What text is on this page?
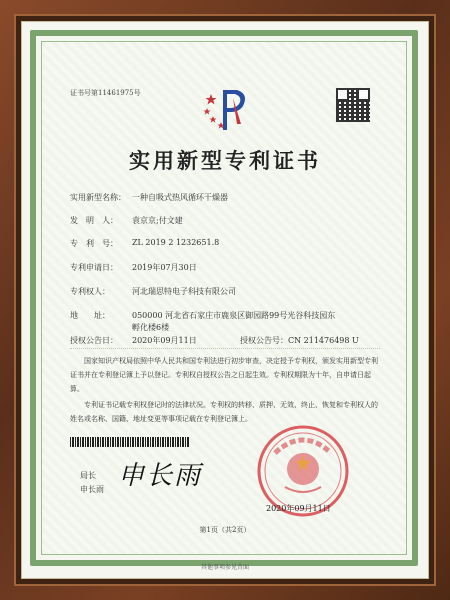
证书号第11461975号
实用新型专利证书
实用新型名称： 一种自吸式热风循环干燥器
发　明　人： 袁京京;付文建
专　利　号： ZL 2019 2 1232651.8
专利申请日： 2019年07月30日
专利权人：	河北瑞思特电子科技有限公司
地　　址：	050000 河北省石家庄市鹿泉区御园路99号光谷科技园东
孵化楼6楼
授权公告日： 2020年09月11日	授权公告号：CN 211476498 U
国家知识产权局依照中华人民共和国专利法进行初步审查，决定授予专利权，颁发实用新型专利证书并在专利登记簿上予以登记。专利权自授权公告之日起生效。专利权期限为十年，自申请日起算。
专利证书记载专利权登记时的法律状况。专利权的转移、质押、无效、终止、恢复和专利权人的姓名或名称、国籍、地址变更等事项记载在专利登记簿上。
局长
申长雨 申长雨
2020年09月11日
第1页（共2页）
其他事项参见背面
